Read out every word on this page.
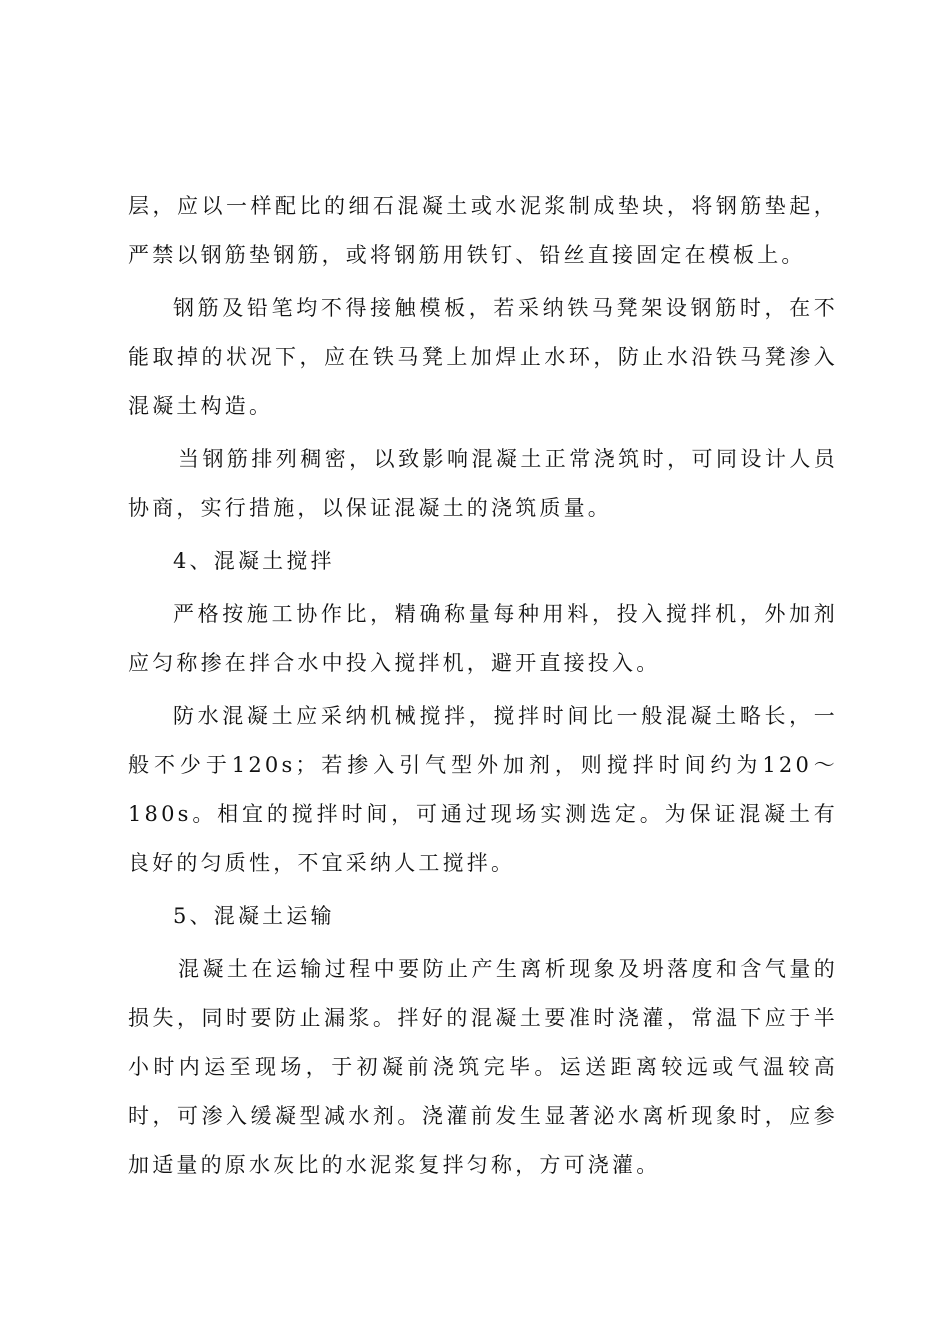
层，应以一样配比的细石混凝土或水泥浆制成垫块，将钢筋垫起，严禁以钢筋垫钢筋，或将钢筋用铁钉、铅丝直接固定在模板上。

钢筋及铅笔均不得接触模板，若采纳铁马凳架设钢筋时，在不能取掉的状况下，应在铁马凳上加焊止水环，防止水沿铁马凳渗入混凝土构造。

当钢筋排列稠密，以致影响混凝土正常浇筑时，可同设计人员协商，实行措施，以保证混凝土的浇筑质量。

4、混凝土搅拌

严格按施工协作比，精确称量每种用料，投入搅拌机，外加剂应匀称掺在拌合水中投入搅拌机，避开直接投入。

防水混凝土应采纳机械搅拌，搅拌时间比一般混凝土略长，一般不少于120s；若掺入引气型外加剂，则搅拌时间约为120～180s。相宜的搅拌时间，可通过现场实测选定。为保证混凝土有良好的匀质性，不宜采纳人工搅拌。

5、混凝土运输

混凝土在运输过程中要防止产生离析现象及坍落度和含气量的损失，同时要防止漏浆。拌好的混凝土要准时浇灌，常温下应于半小时内运至现场，于初凝前浇筑完毕。运送距离较远或气温较高时，可渗入缓凝型减水剂。浇灌前发生显著泌水离析现象时，应参加适量的原水灰比的水泥浆复拌匀称，方可浇灌。
